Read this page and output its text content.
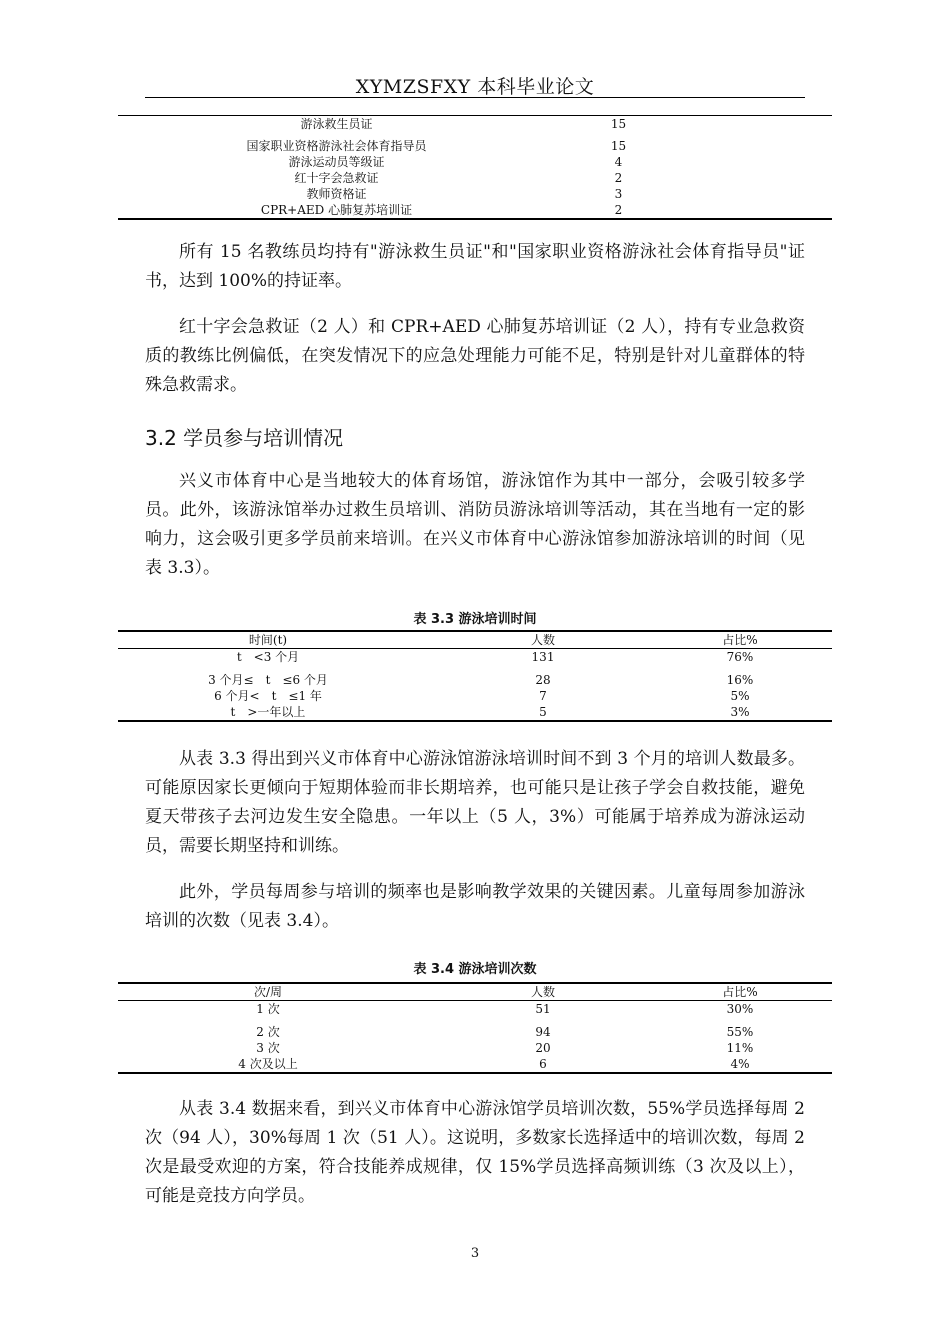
XYMZSFXY 本科毕业论文
游泳救生员证	15
国家职业资格游泳社会体育指导员	15
游泳运动员等级证	4
红十字会急救证	2
教师资格证	3
CPR+AED 心肺复苏培训证	2
所有 15 名教练员均持有"游泳救生员证"和"国家职业资格游泳社会体育指导员"证书，达到 100%的持证率。
红十字会急救证（2 人）和 CPR+AED 心肺复苏培训证（2 人），持有专业急救资质的教练比例偏低，在突发情况下的应急处理能力可能不足，特别是针对儿童群体的特殊急救需求。
3.2 学员参与培训情况
兴义市体育中心是当地较大的体育场馆，游泳馆作为其中一部分，会吸引较多学员。此外，该游泳馆举办过救生员培训、消防员游泳培训等活动，其在当地有一定的影响力，这会吸引更多学员前来培训。在兴义市体育中心游泳馆参加游泳培训的时间（见表 3.3）。
表 3.3 游泳培训时间
时间(t)	人数	占比%
t　<3 个月	131	76%
3 个月≤　t　≤6 个月	28	16%
6 个月<　t　≤1 年	7	5%
t　>一年以上	5	3%
从表 3.3 得出到兴义市体育中心游泳馆游泳培训时间不到 3 个月的培训人数最多。可能原因家长更倾向于短期体验而非长期培养，也可能只是让孩子学会自救技能，避免夏天带孩子去河边发生安全隐患。一年以上（5 人，3%）可能属于培养成为游泳运动员，需要长期坚持和训练。
此外，学员每周参与培训的频率也是影响教学效果的关键因素。儿童每周参加游泳培训的次数（见表 3.4）。
表 3.4 游泳培训次数
次/周	人数	占比%
1 次	51	30%
2 次	94	55%
3 次	20	11%
4 次及以上	6	4%
从表 3.4 数据来看，到兴义市体育中心游泳馆学员培训次数，55%学员选择每周 2 次（94 人），30%每周 1 次（51 人）。这说明，多数家长选择适中的培训次数，每周 2 次是最受欢迎的方案，符合技能养成规律，仅 15%学员选择高频训练（3 次及以上），可能是竞技方向学员。
3
